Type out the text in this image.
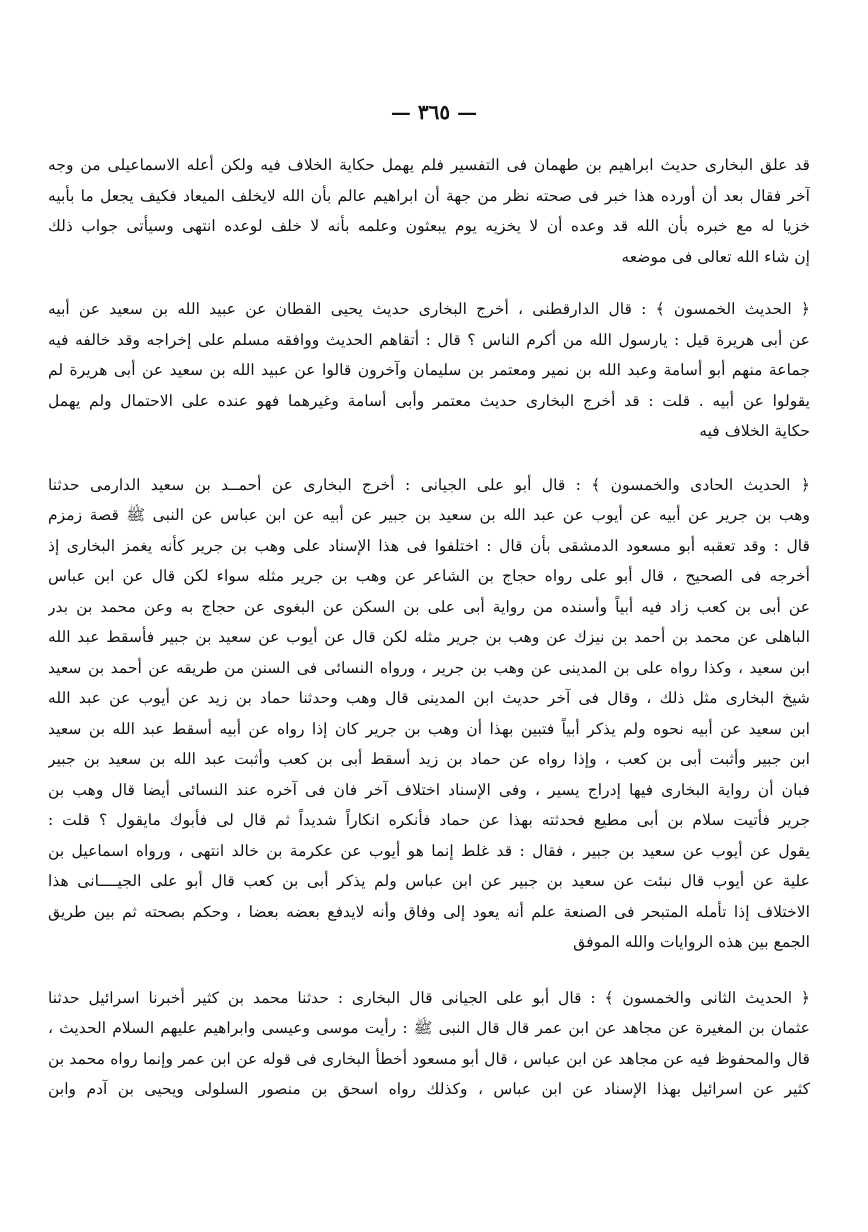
— ٣٦٥ —
قد علق البخارى حديث ابراهيم بن طهمان فى التفسير فلم يهمل حكاية الخلاف فيه ولكن أعله الاسماعيلى من وجه
آخر فقال بعد أن أورده هذا خبر فى صحته نظر من جهة أن ابراهيم عالم بأن الله لايخلف الميعاد فكيف يجعل ما بأبيه
خزيا له مع خبره بأن الله قد وعده أن لا يخزيه يوم يبعثون وعلمه بأنه لا خلف لوعده انتهى وسيأتى جواب ذلك
إن شاء الله تعالى فى موضعه
﴿ الحديث الخمسون ﴾ : قال الدارقطنى ، أخرج البخارى حديث يحيى القطان عن عبيد الله بن سعيد عن أبيه
عن أبى هريرة قيل : يارسول الله من أكرم الناس ؟ قال : أتقاهم الحديث ووافقه مسلم على إخراجه وقد خالفه فيه
جماعة منهم أبو أسامة وعبد الله بن نمير ومعتمر بن سليمان وآخرون قالوا عن عبيد الله بن سعيد عن أبى هريرة لم
يقولوا عن أبيه . قلت : قد أخرج البخارى حديث معتمر وأبى أسامة وغيرهما فهو عنده على الاحتمال ولم يهمل
حكاية الخلاف فيه
﴿ الحديث الحادى والخمسون ﴾ : قال أبو على الجيانى : أخرج البخارى عن أحمــد بن سعيد الدارمى حدثنا
وهب بن جرير عن أبيه عن أيوب عن عبد الله بن سعيد بن جبير عن أبيه عن ابن عباس عن النبى ﷺ قصة زمزم
قال : وقد تعقبه أبو مسعود الدمشقى بأن قال : اختلفوا فى هذا الإسناد على وهب بن جرير كأنه يغمز البخارى إذ
أخرجه فى الصحيح ، قال أبو على رواه حجاج بن الشاعر عن وهب بن جرير مثله سواء لكن قال عن ابن عباس
عن أبى بن كعب زاد فيه أبياً وأسنده من رواية أبى على بن السكن عن البغوى عن حجاج به وعن محمد بن بدر
الباهلى عن محمد بن أحمد بن نيزك عن وهب بن جرير مثله لكن قال عن أيوب عن سعيد بن جبير فأسقط عبد الله
ابن سعيد ، وكذا رواه على بن المدينى عن وهب بن جرير ، ورواه النسائى فى السنن من طريقه عن أحمد بن سعيد
شيخ البخارى مثل ذلك ، وقال فى آخر حديث ابن المدينى قال وهب وحدثنا حماد بن زيد عن أيوب عن عبد الله
ابن سعيد عن أبيه نحوه ولم يذكر أبياً فتبين بهذا أن وهب بن جرير كان إذا رواه عن أبيه أسقط عبد الله بن سعيد
ابن جبير وأثبت أبى بن كعب ، وإذا رواه عن حماد بن زيد أسقط أبى بن كعب وأثبت عبد الله بن سعيد بن جبير
فبان أن رواية البخارى فيها إدراج يسير ، وفى الإسناد اختلاف آخر فان فى آخره عند النسائى أيضا قال وهب بن
جرير فأتيت سلام بن أبى مطيع فحدثته بهذا عن حماد فأنكره انكاراً شديداً ثم قال لى فأبوك مايقول ؟ قلت :
يقول عن أيوب عن سعيد بن جبير ، فقال : قد غلط إنما هو أيوب عن عكرمة بن خالد انتهى ، ورواه اسماعيل بن
علية عن أيوب قال نبئت عن سعيد بن جبير عن ابن عباس ولم يذكر أبى بن كعب قال أبو على الجيــــانى هذا
الاختلاف إذا تأمله المتبحر فى الصنعة علم أنه يعود إلى وفاق وأنه لايدفع بعضه بعضا ، وحكم بصحته ثم بين طريق
الجمع بين هذه الروايات والله الموفق
﴿ الحديث الثانى والخمسون ﴾ : قال أبو على الجيانى قال البخارى : حدثنا محمد بن كثير أخبرنا اسرائيل حدثنا
عثمان بن المغيرة عن مجاهد عن ابن عمر قال قال النبى ﷺ : رأيت موسى وعيسى وابراهيم عليهم السلام الحديث ،
قال والمحفوظ فيه عن مجاهد عن ابن عباس ، قال أبو مسعود أخطأ البخارى فى قوله عن ابن عمر وإنما رواه محمد بن
كثير عن اسرائيل بهذا الإسناد عن ابن عباس ، وكذلك رواه اسحق بن منصور السلولى ويحيى بن آدم وابن
